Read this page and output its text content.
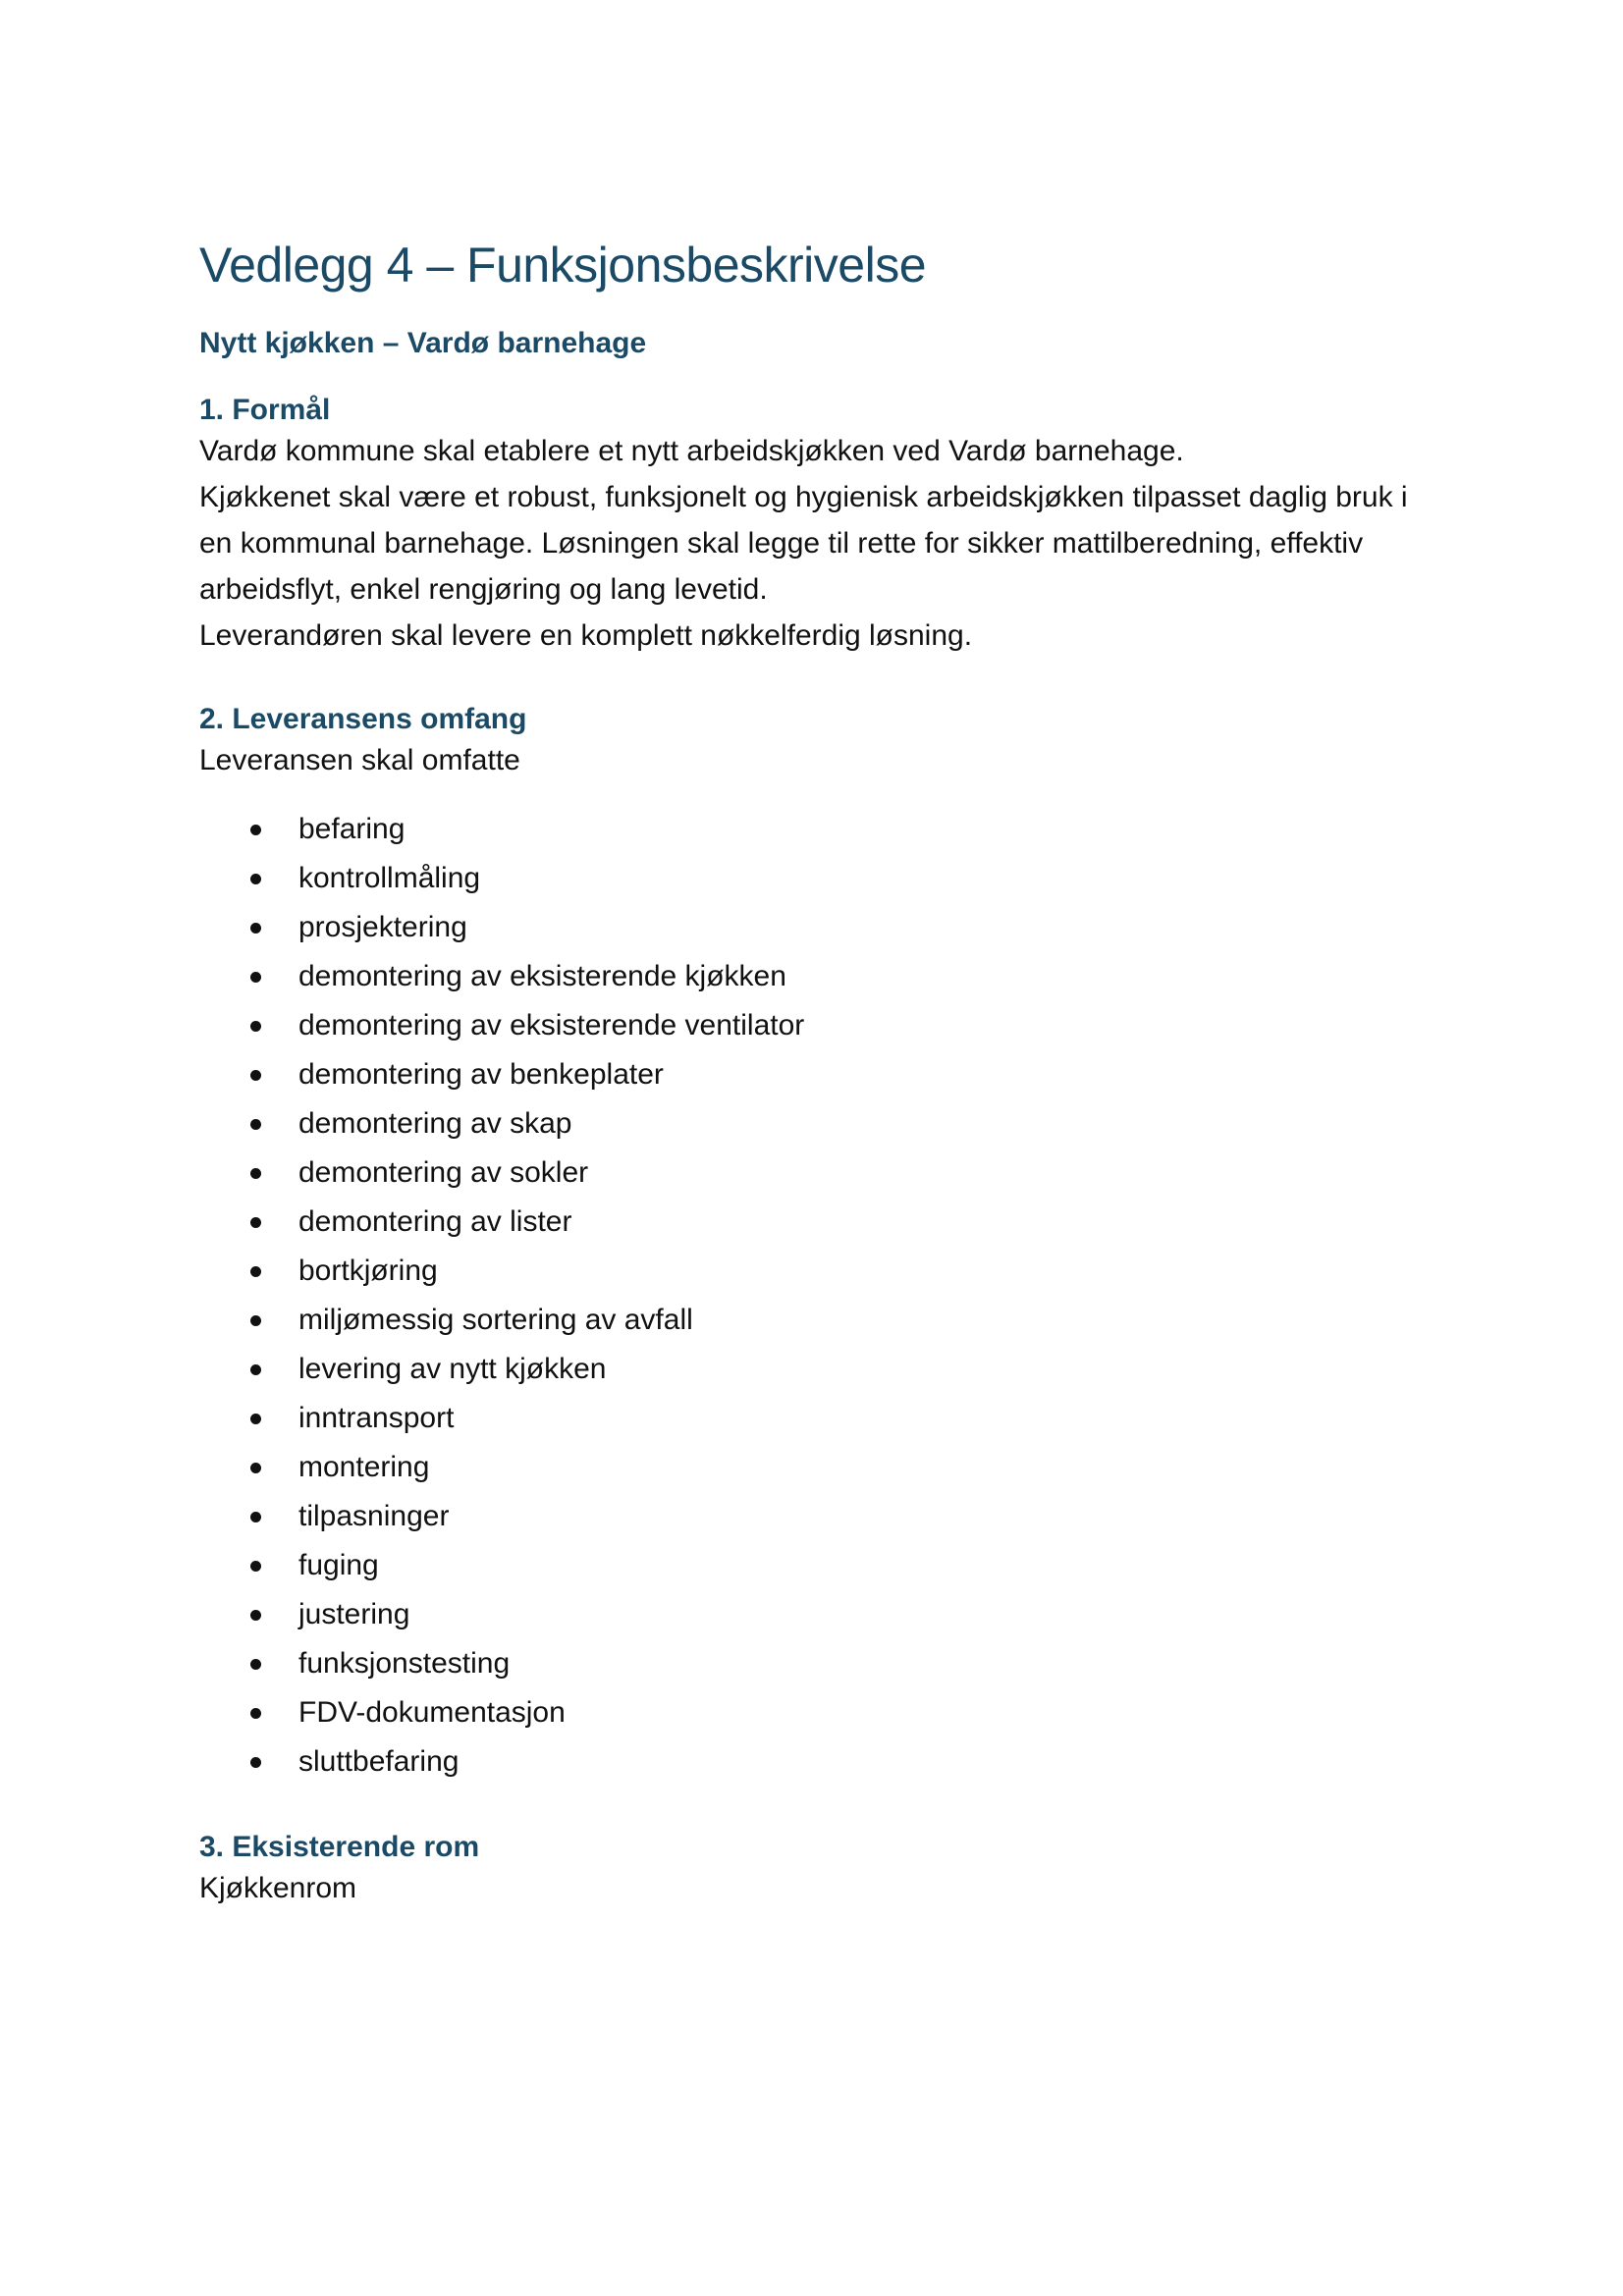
Vedlegg 4 – Funksjonsbeskrivelse
Nytt kjøkken – Vardø barnehage
1. Formål

Vardø kommune skal etablere et nytt arbeidskjøkken ved Vardø barnehage.

Kjøkkenet skal være et robust, funksjonelt og hygienisk arbeidskjøkken tilpasset daglig bruk i en kommunal barnehage. Løsningen skal legge til rette for sikker mattilberedning, effektiv arbeidsflyt, enkel rengjøring og lang levetid.

Leverandøren skal levere en komplett nøkkelferdig løsning.

2. Leveransens omfang

Leveransen skal omfatte

befaring
kontrollmåling
prosjektering
demontering av eksisterende kjøkken
demontering av eksisterende ventilator
demontering av benkeplater
demontering av skap
demontering av sokler
demontering av lister
bortkjøring
miljømessig sortering av avfall
levering av nytt kjøkken
inntransport
montering
tilpasninger
fuging
justering
funksjonstesting
FDV-dokumentasjon
sluttbefaring
3. Eksisterende rom

Kjøkkenrom
